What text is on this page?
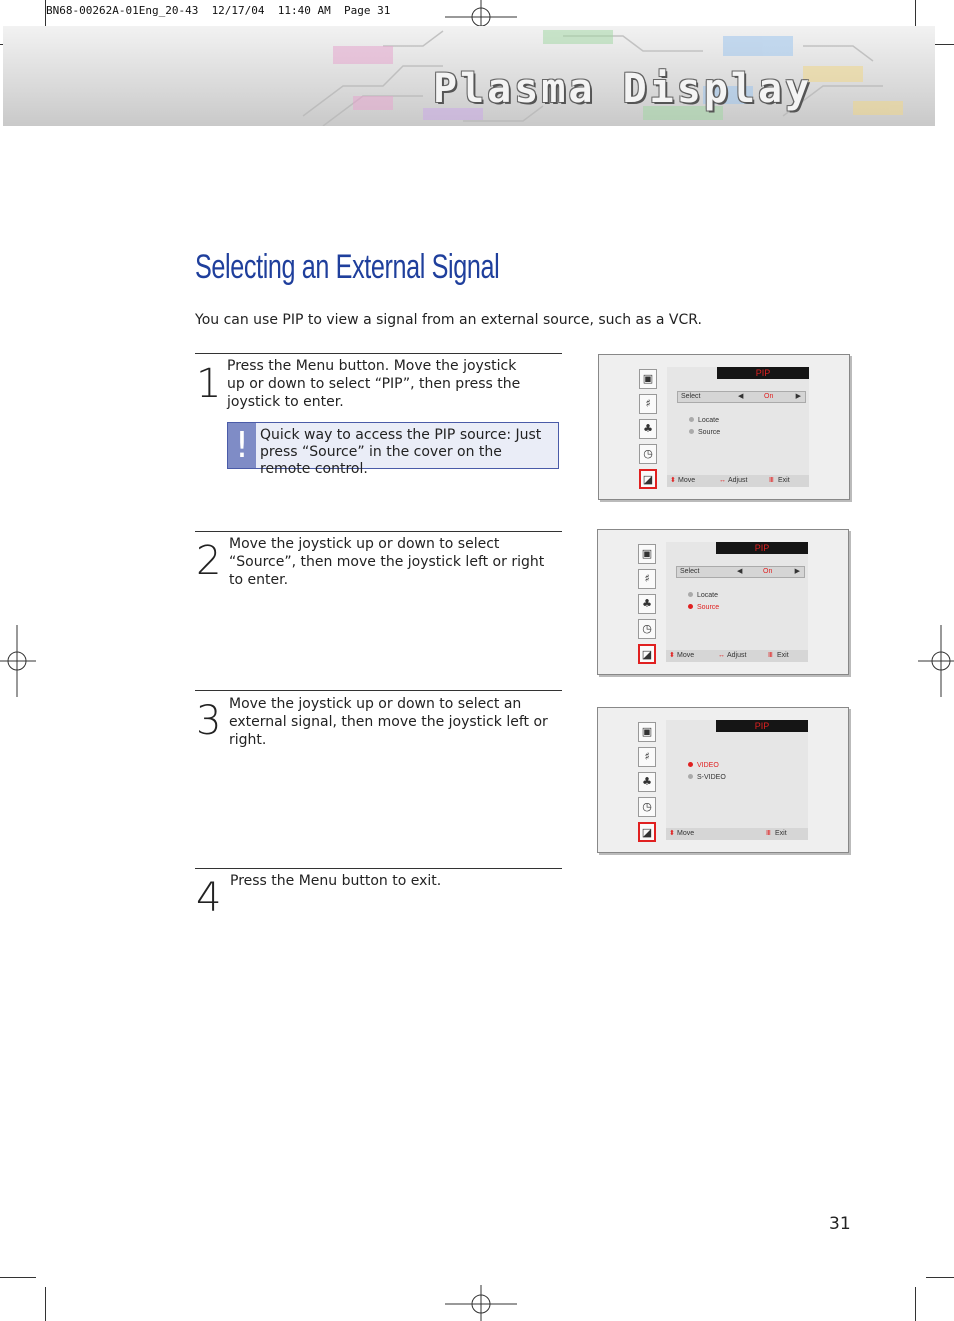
BN68-00262A-01Eng_20-43  12/17/04  11:40 AM  Page 31
Plasma Display
Selecting an External Signal
You can use PIP to view a signal from an external source, such as a VCR.
1 Press the Menu button. Move the joystick up or down to select “PIP”, then press the joystick to enter.
! Quick way to access the PIP source: Just press “Source” in the cover on the remote control.
2 Move the joystick up or down to select “Source”, then move the joystick left or right to enter.
3 Move the joystick up or down to select an external signal, then move the joystick left or right.
4 Press the Menu button to exit.
▣
♯
♣
◷
◪
PIP
Select	◀	On	▶
Locate
Source
⬍ Move	↔ Adjust	Ⅲ Exit
▣
♯
♣
◷
◪
PIP
Select	◀	On	▶
Locate
Source
⬍ Move	↔ Adjust	Ⅲ Exit
▣
♯
♣
◷
◪
PIP
VIDEO
S-VIDEO
⬍ Move	Ⅲ Exit
31
